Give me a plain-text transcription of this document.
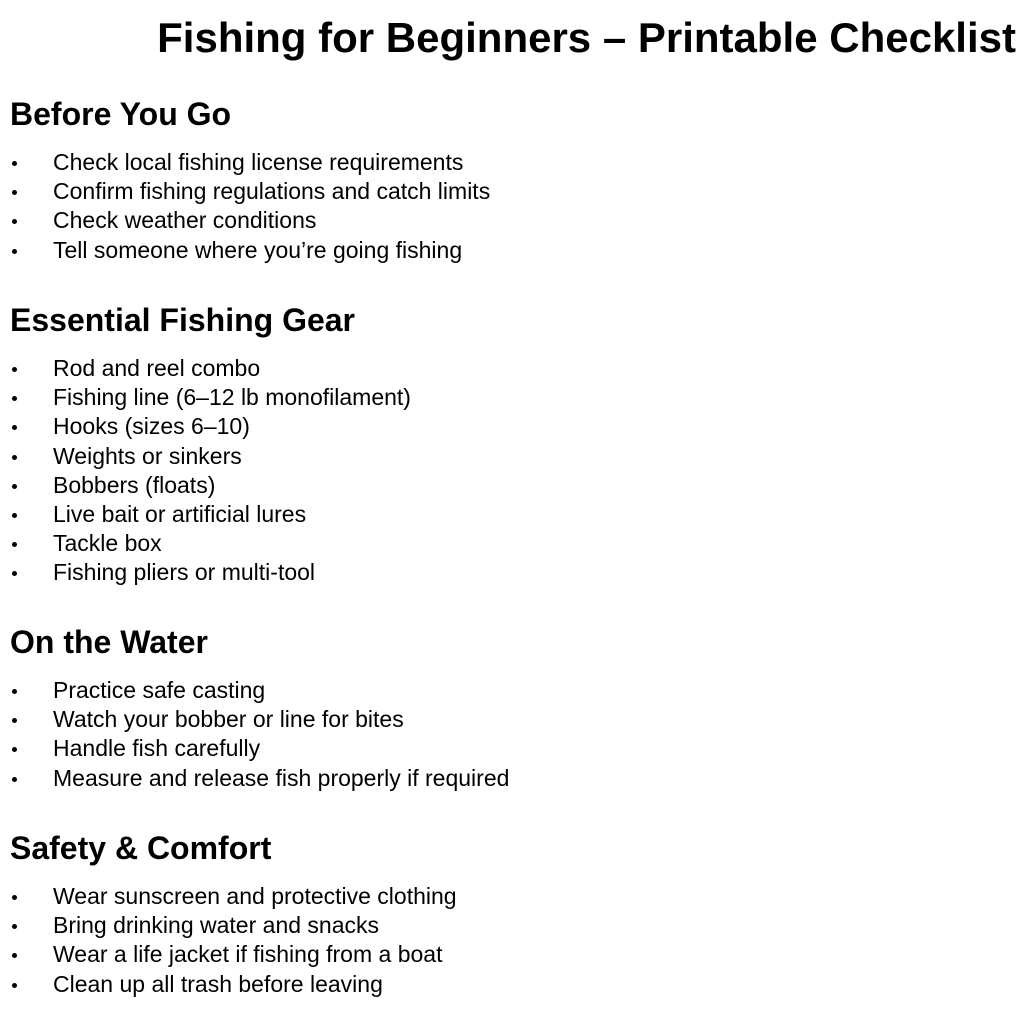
Fishing for Beginners – Printable Checklist
Before You Go
Check local fishing license requirements
Confirm fishing regulations and catch limits
Check weather conditions
Tell someone where you’re going fishing
Essential Fishing Gear
Rod and reel combo
Fishing line (6–12 lb monofilament)
Hooks (sizes 6–10)
Weights or sinkers
Bobbers (floats)
Live bait or artificial lures
Tackle box
Fishing pliers or multi-tool
On the Water
Practice safe casting
Watch your bobber or line for bites
Handle fish carefully
Measure and release fish properly if required
Safety & Comfort
Wear sunscreen and protective clothing
Bring drinking water and snacks
Wear a life jacket if fishing from a boat
Clean up all trash before leaving
